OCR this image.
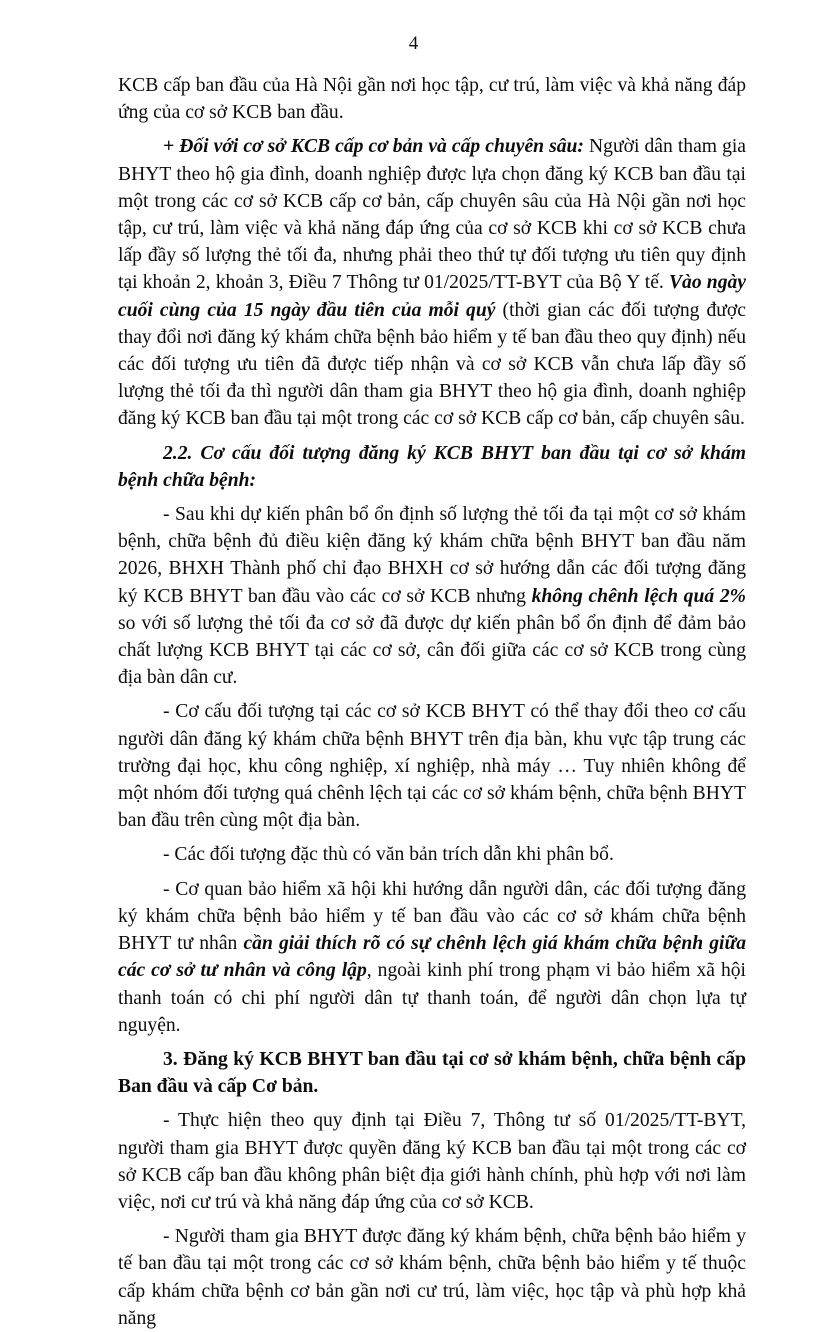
4

KCB cấp ban đầu của Hà Nội gần nơi học tập, cư trú, làm việc và khả năng đáp ứng của cơ sở KCB ban đầu.

+ Đối với cơ sở KCB cấp cơ bản và cấp chuyên sâu: Người dân tham gia BHYT theo hộ gia đình, doanh nghiệp được lựa chọn đăng ký KCB ban đầu tại một trong các cơ sở KCB cấp cơ bản, cấp chuyên sâu của Hà Nội gần nơi học tập, cư trú, làm việc và khả năng đáp ứng của cơ sở KCB khi cơ sở KCB chưa lấp đầy số lượng thẻ tối đa, nhưng phải theo thứ tự đối tượng ưu tiên quy định tại khoản 2, khoản 3, Điều 7 Thông tư 01/2025/TT-BYT của Bộ Y tế. Vào ngày cuối cùng của 15 ngày đầu tiên của mỗi quý (thời gian các đối tượng được thay đổi nơi đăng ký khám chữa bệnh bảo hiểm y tế ban đầu theo quy định) nếu các đối tượng ưu tiên đã được tiếp nhận và cơ sở KCB vẫn chưa lấp đầy số lượng thẻ tối đa thì người dân tham gia BHYT theo hộ gia đình, doanh nghiệp đăng ký KCB ban đầu tại một trong các cơ sở KCB cấp cơ bản, cấp chuyên sâu.

2.2. Cơ cấu đối tượng đăng ký KCB BHYT ban đầu tại cơ sở khám bệnh chữa bệnh:

- Sau khi dự kiến phân bổ ổn định số lượng thẻ tối đa tại một cơ sở khám bệnh, chữa bệnh đủ điều kiện đăng ký khám chữa bệnh BHYT ban đầu năm 2026, BHXH Thành phố chỉ đạo BHXH cơ sở hướng dẫn các đối tượng đăng ký KCB BHYT ban đầu vào các cơ sở KCB nhưng không chênh lệch quá 2% so với số lượng thẻ tối đa cơ sở đã được dự kiến phân bổ ổn định để đảm bảo chất lượng KCB BHYT tại các cơ sở, cân đối giữa các cơ sở KCB trong cùng địa bàn dân cư.

- Cơ cấu đối tượng tại các cơ sở KCB BHYT có thể thay đổi theo cơ cấu người dân đăng ký khám chữa bệnh BHYT trên địa bàn, khu vực tập trung các trường đại học, khu công nghiệp, xí nghiệp, nhà máy … Tuy nhiên không để một nhóm đối tượng quá chênh lệch tại các cơ sở khám bệnh, chữa bệnh BHYT ban đầu trên cùng một địa bàn.

- Các đối tượng đặc thù có văn bản trích dẫn khi phân bổ.

- Cơ quan bảo hiểm xã hội khi hướng dẫn người dân, các đối tượng đăng ký khám chữa bệnh bảo hiểm y tế ban đầu vào các cơ sở khám chữa bệnh BHYT tư nhân cần giải thích rõ có sự chênh lệch giá khám chữa bệnh giữa các cơ sở tư nhân và công lập, ngoài kinh phí trong phạm vi bảo hiểm xã hội thanh toán có chi phí người dân tự thanh toán, để người dân chọn lựa tự nguyện.

3. Đăng ký KCB BHYT ban đầu tại cơ sở khám bệnh, chữa bệnh cấp Ban đầu và cấp Cơ bản.

- Thực hiện theo quy định tại Điều 7, Thông tư số 01/2025/TT-BYT, người tham gia BHYT được quyền đăng ký KCB ban đầu tại một trong các cơ sở KCB cấp ban đầu không phân biệt địa giới hành chính, phù hợp với nơi làm việc, nơi cư trú và khả năng đáp ứng của cơ sở KCB.

- Người tham gia BHYT được đăng ký khám bệnh, chữa bệnh bảo hiểm y tế ban đầu tại một trong các cơ sở khám bệnh, chữa bệnh bảo hiểm y tế thuộc cấp khám chữa bệnh cơ bản gần nơi cư trú, làm việc, học tập và phù hợp khả năng
